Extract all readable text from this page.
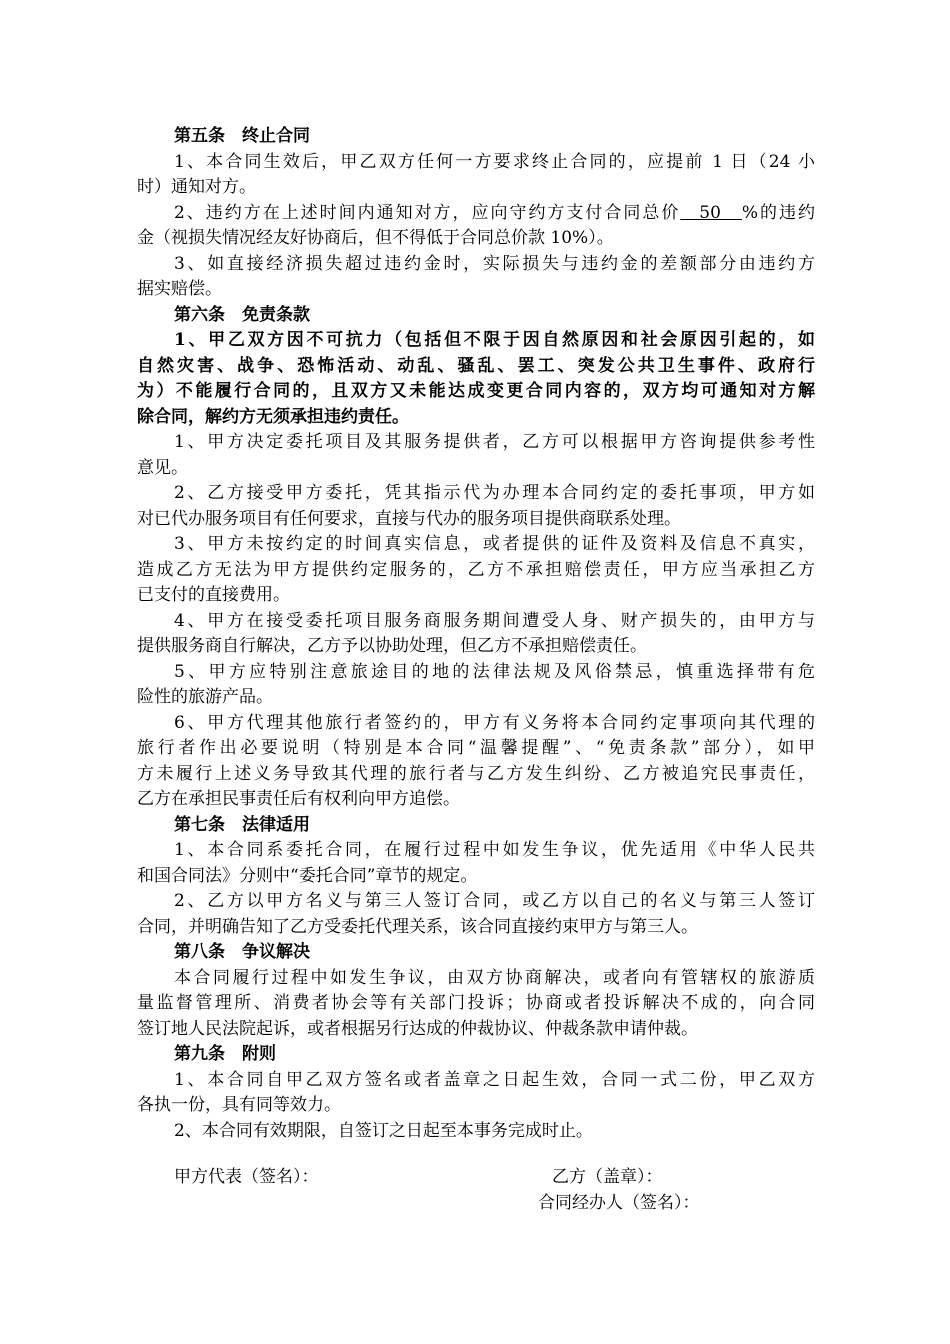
第五条　终止合同
1、本合同生效后，甲乙双方任何一方要求终止合同的，应提前 1 日（24 小
时）通知对方。
2、违约方在上述时间内通知对方，应向守约方支付合同总价　50　%的违约
金（视损失情况经友好协商后，但不得低于合同总价款 10%）。
3、如直接经济损失超过违约金时，实际损失与违约金的差额部分由违约方
据实赔偿。
第六条　免责条款
1、甲乙双方因不可抗力（包括但不限于因自然原因和社会原因引起的，如
自然灾害、战争、恐怖活动、动乱、骚乱、罢工、突发公共卫生事件、政府行
为）不能履行合同的，且双方又未能达成变更合同内容的，双方均可通知对方解
除合同，解约方无须承担违约责任。
1、甲方决定委托项目及其服务提供者，乙方可以根据甲方咨询提供参考性
意见。
2、乙方接受甲方委托，凭其指示代为办理本合同约定的委托事项，甲方如
对已代办服务项目有任何要求，直接与代办的服务项目提供商联系处理。
3、甲方未按约定的时间真实信息，或者提供的证件及资料及信息不真实，
造成乙方无法为甲方提供约定服务的，乙方不承担赔偿责任，甲方应当承担乙方
已支付的直接费用。
4、甲方在接受委托项目服务商服务期间遭受人身、财产损失的，由甲方与
提供服务商自行解决，乙方予以协助处理，但乙方不承担赔偿责任。
5、甲方应特别注意旅途目的地的法律法规及风俗禁忌，慎重选择带有危
险性的旅游产品。
6、甲方代理其他旅行者签约的，甲方有义务将本合同约定事项向其代理的
旅行者作出必要说明（特别是本合同“温馨提醒”、“免责条款”部分），如甲
方未履行上述义务导致其代理的旅行者与乙方发生纠纷、乙方被追究民事责任，
乙方在承担民事责任后有权利向甲方追偿。
第七条　法律适用
1、本合同系委托合同，在履行过程中如发生争议，优先适用《中华人民共
和国合同法》分则中“委托合同”章节的规定。
2、乙方以甲方名义与第三人签订合同，或乙方以自己的名义与第三人签订
合同，并明确告知了乙方受委托代理关系，该合同直接约束甲方与第三人。
第八条　争议解决
本合同履行过程中如发生争议，由双方协商解决，或者向有管辖权的旅游质
量监督管理所、消费者协会等有关部门投诉；协商或者投诉解决不成的，向合同
签订地人民法院起诉，或者根据另行达成的仲裁协议、仲裁条款申请仲裁。
第九条　附则
1、本合同自甲乙双方签名或者盖章之日起生效，合同一式二份，甲乙双方
各执一份，具有同等效力。
2、本合同有效期限，自签订之日起至本事务完成时止。
甲方代表（签名）：	乙方（盖章）：
合同经办人（签名）：
